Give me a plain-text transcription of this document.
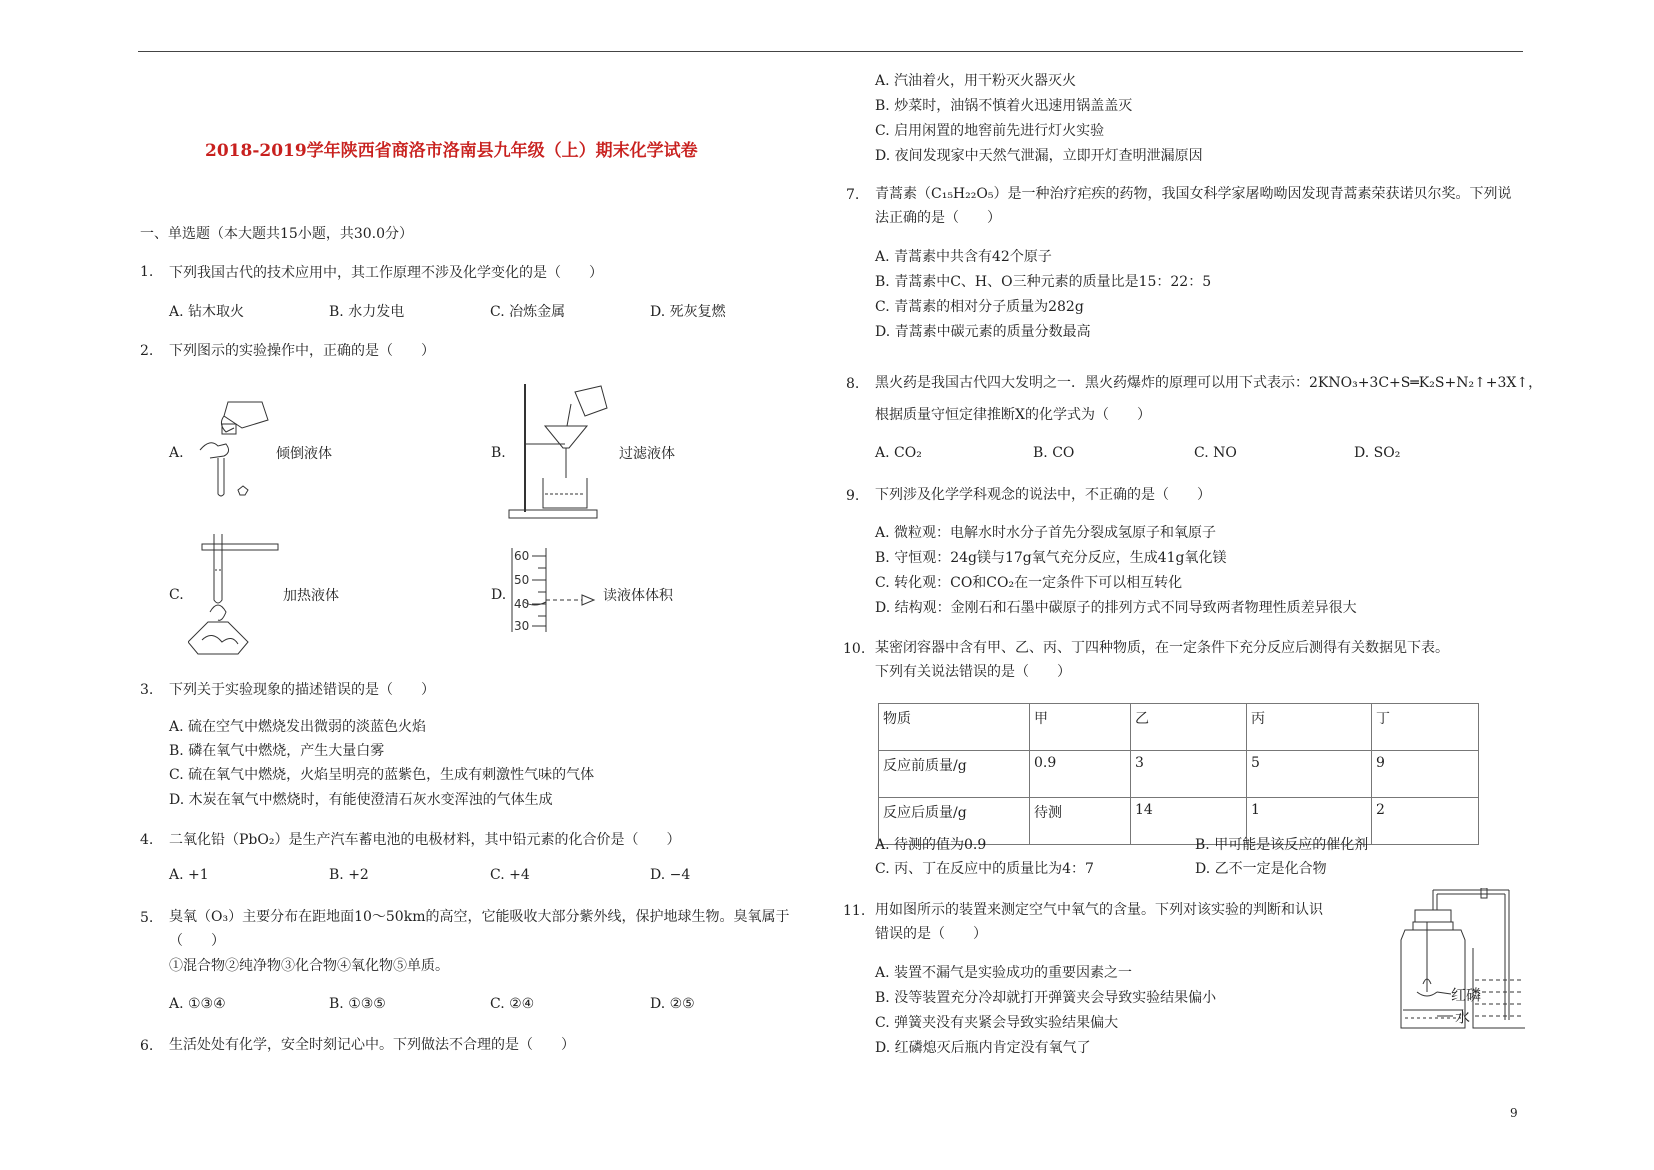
2018-2019学年陕西省商洛市洛南县九年级（上）期末化学试卷
一、单选题（本大题共15小题，共30.0分）
1. 下列我国古代的技术应用中，其工作原理不涉及化学变化的是（　　）
A. 钻木取火	B. 水力发电	C. 冶炼金属	D. 死灰复燃
2. 下列图示的实验操作中，正确的是（　　）
A.	倾倒液体	B.	过滤液体
C.	加热液体	D.
60
50
40
30
读液体体积
3. 下列关于实验现象的描述错误的是（　　）
A. 硫在空气中燃烧发出微弱的淡蓝色火焰
B. 磷在氧气中燃烧，产生大量白雾
C. 硫在氧气中燃烧，火焰呈明亮的蓝紫色，生成有刺激性气味的气体
D. 木炭在氧气中燃烧时，有能使澄清石灰水变浑浊的气体生成
4. 二氧化铅（PbO₂）是生产汽车蓄电池的电极材料，其中铅元素的化合价是（　　）
A. +1	B. +2	C. +4	D. −4
5. 臭氧（O₃）主要分布在距地面10～50km的高空，它能吸收大部分紫外线，保护地球生物。臭氧属于
（　　）
①混合物②纯净物③化合物④氧化物⑤单质。
A. ①③④	B. ①③⑤	C. ②④	D. ②⑤
6. 生活处处有化学，安全时刻记心中。下列做法不合理的是（　　）
A. 汽油着火，用干粉灭火器灭火
B. 炒菜时，油锅不慎着火迅速用锅盖盖灭
C. 启用闲置的地窖前先进行灯火实验
D. 夜间发现家中天然气泄漏，立即开灯查明泄漏原因
7. 青蒿素（C₁₅H₂₂O₅）是一种治疗疟疾的药物，我国女科学家屠呦呦因发现青蒿素荣获诺贝尔奖。下列说
法正确的是（　　）
A. 青蒿素中共含有42个原子
B. 青蒿素中C、H、O三种元素的质量比是15：22：5
C. 青蒿素的相对分子质量为282g
D. 青蒿素中碳元素的质量分数最高
8. 黑火药是我国古代四大发明之一．黑火药爆炸的原理可以用下式表示：2KNO₃+3C+S═K₂S+N₂↑+3X↑，
根据质量守恒定律推断X的化学式为（　　）
A. CO₂	B. CO	C. NO	D. SO₂
9. 下列涉及化学学科观念的说法中，不正确的是（　　）
A. 微粒观：电解水时水分子首先分裂成氢原子和氧原子
B. 守恒观：24g镁与17g氧气充分反应，生成41g氧化镁
C. 转化观：CO和CO₂在一定条件下可以相互转化
D. 结构观：金刚石和石墨中碳原子的排列方式不同导致两者物理性质差异很大
10. 某密闭容器中含有甲、乙、丙、丁四种物质，在一定条件下充分反应后测得有关数据见下表。
下列有关说法错误的是（　　）
物质	甲	乙	丙	丁
反应前质量/g	0.9	3	5	9
反应后质量/g	待测	14	1	2
A. 待测的值为0.9	B. 甲可能是该反应的催化剂
C. 丙、丁在反应中的质量比为4：7	D. 乙不一定是化合物
11. 用如图所示的装置来测定空气中氧气的含量。下列对该实验的判断和认识
错误的是（　　）
A. 装置不漏气是实验成功的重要因素之一
B. 没等装置充分冷却就打开弹簧夹会导致实验结果偏小
C. 弹簧夹没有夹紧会导致实验结果偏大
D. 红磷熄灭后瓶内肯定没有氧气了
红磷
水
9
